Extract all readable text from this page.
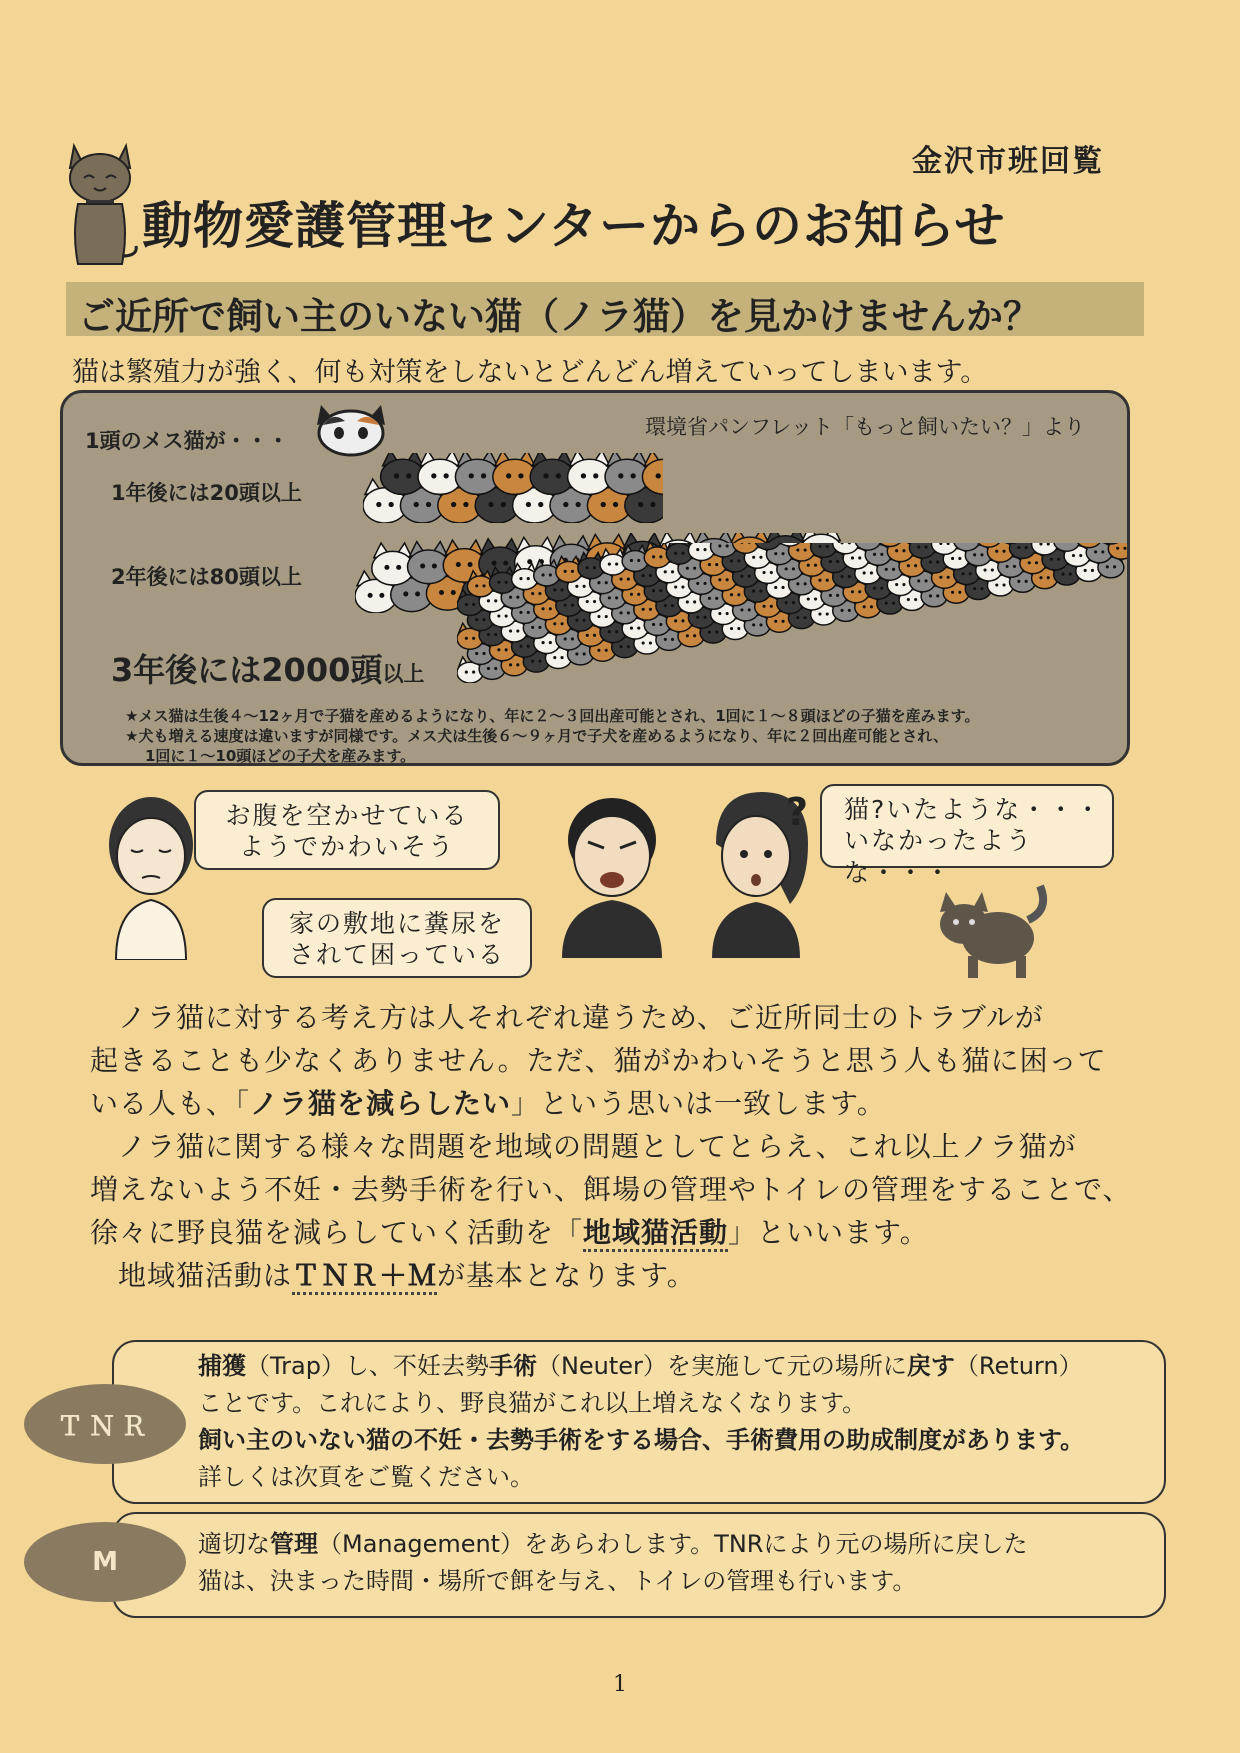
金沢市班回覧
動物愛護管理センターからのお知らせ
ご近所で飼い主のいない猫（ノラ猫）を見かけませんか？
猫は繁殖力が強く、何も対策をしないとどんどん増えていってしまいます。
環境省パンフレット「もっと飼いたい？」より
1頭のメス猫が・・・
1年後には20頭以上
2年後には80頭以上
3年後には2000頭以上
★メス猫は生後４～12ヶ月で子猫を産めるようになり、年に２～３回出産可能とされ、1回に１～８頭ほどの子猫を産みます。
★犬も増える速度は違いますが同様です。メス犬は生後６～９ヶ月で子犬を産めるようになり、年に２回出産可能とされ、
1回に１～10頭ほどの子犬を産みます。
お腹を空かせている
ようでかわいそう
家の敷地に糞尿を
されて困っている
? 猫?いたような・・・
いなかったような・・・

ノラ猫に対する考え方は人それぞれ違うため、ご近所同士のトラブルが

起きることも少なくありません。ただ、猫がかわいそうと思う人も猫に困って

いる人も、「ノラ猫を減らしたい」という思いは一致します。

ノラ猫に関する様々な問題を地域の問題としてとらえ、これ以上ノラ猫が

増えないよう不妊・去勢手術を行い、餌場の管理やトイレの管理をすることで、

徐々に野良猫を減らしていく活動を「地域猫活動」といいます。

地域猫活動はＴＮＲ＋Ｍが基本となります。

捕獲（Trap）し、不妊去勢手術（Neuter）を実施して元の場所に戻す（Return）

ことです。これにより、野良猫がこれ以上増えなくなります。

飼い主のいない猫の不妊・去勢手術をする場合、手術費用の助成制度があります。

詳しくは次頁をご覧ください。

ＴＮＲ

適切な管理（Management）をあらわします。TNRにより元の場所に戻した

猫は、決まった時間・場所で餌を与え、トイレの管理も行います。

M
1
